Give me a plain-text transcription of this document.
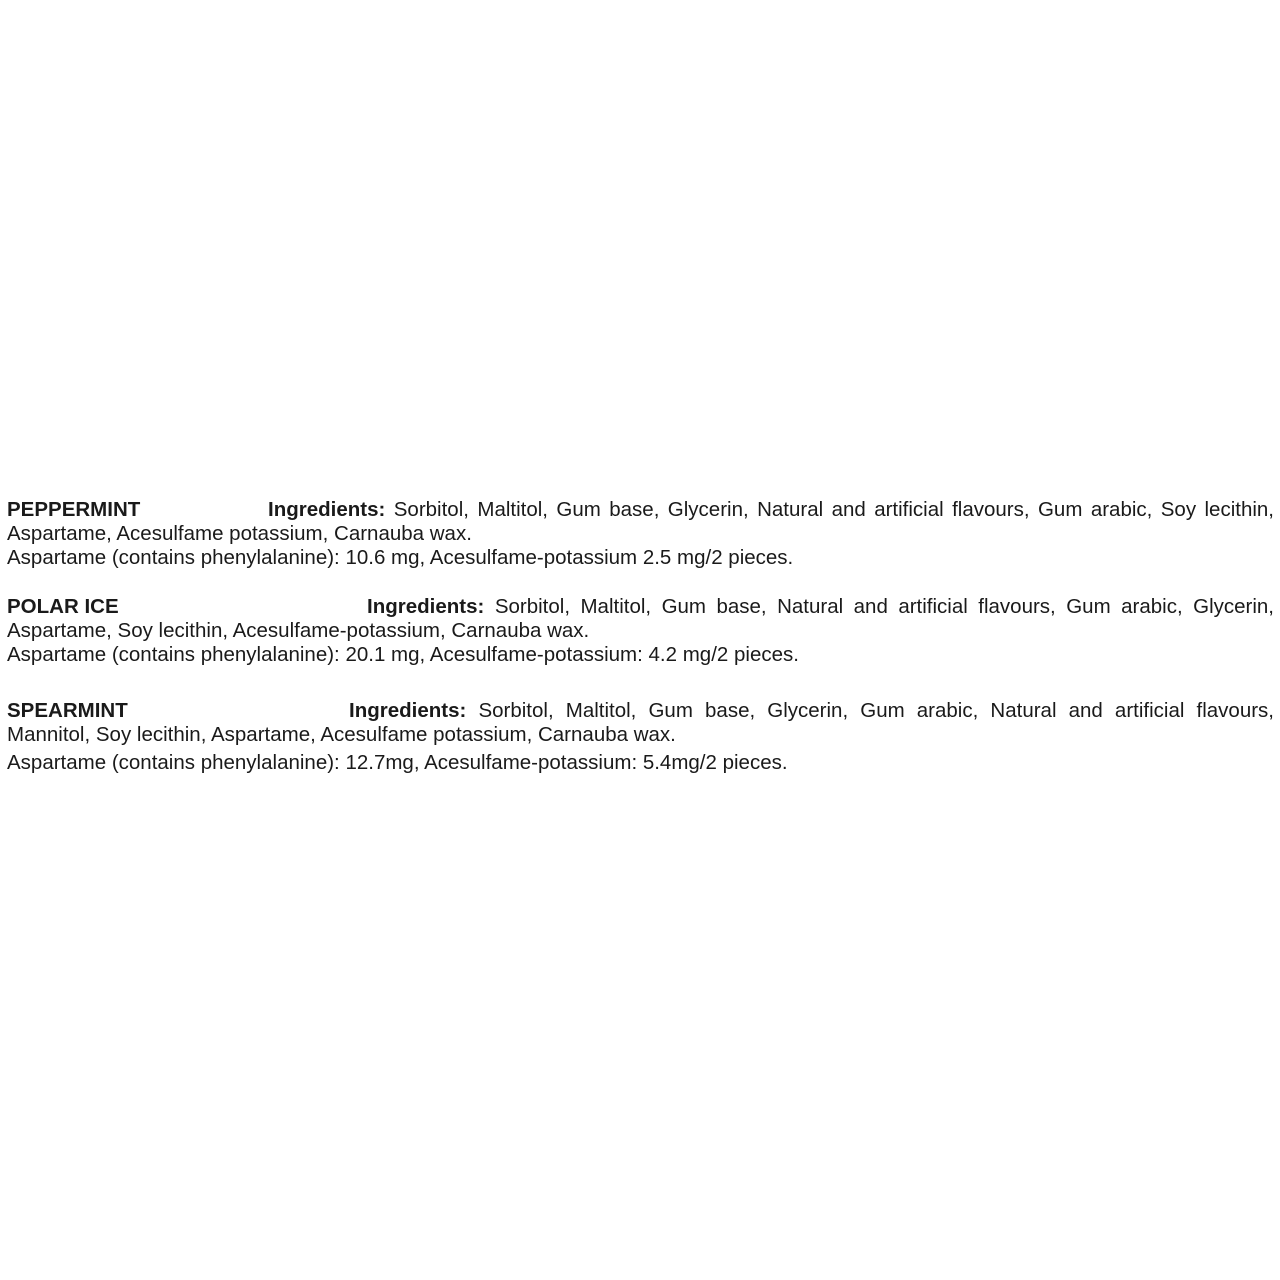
PEPPERMINT	Ingredients: Sorbitol, Maltitol, Gum base, Glycerin, Natural and artificial flavours, Gum arabic, Soy lecithin, Aspartame, Acesulfame potassium, Carnauba wax.
Aspartame (contains phenylalanine): 10.6 mg, Acesulfame-potassium 2.5 mg/2 pieces.
POLAR ICE	Ingredients: Sorbitol, Maltitol, Gum base, Natural and artificial flavours, Gum arabic, Glycerin, Aspartame, Soy lecithin, Acesulfame-potassium, Carnauba wax.
Aspartame (contains phenylalanine): 20.1 mg, Acesulfame-potassium: 4.2 mg/2 pieces.
SPEARMINT	Ingredients: Sorbitol, Maltitol, Gum base, Glycerin, Gum arabic, Natural and artificial flavours, Mannitol, Soy lecithin, Aspartame, Acesulfame potassium, Carnauba wax.
Aspartame (contains phenylalanine): 12.7mg, Acesulfame-potassium: 5.4mg/2 pieces.
